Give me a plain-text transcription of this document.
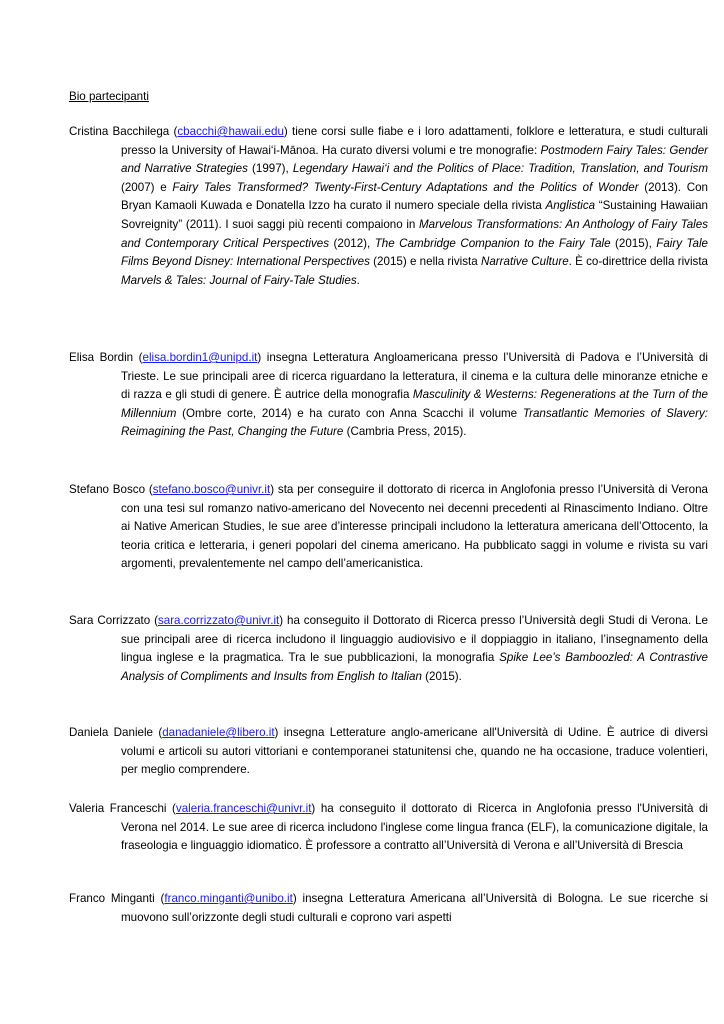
Bio partecipanti
Cristina Bacchilega (cbacchi@hawaii.edu) tiene corsi sulle fiabe e i loro adattamenti, folklore e letteratura, e studi culturali presso la University of Hawai‘i-Mānoa. Ha curato diversi volumi e tre monografie: Postmodern Fairy Tales: Gender and Narrative Strategies (1997), Legendary Hawai‘i and the Politics of Place: Tradition, Translation, and Tourism (2007) e Fairy Tales Transformed? Twenty-First-Century Adaptations and the Politics of Wonder (2013). Con Bryan Kamaoli Kuwada e Donatella Izzo ha curato il numero speciale della rivista Anglistica “Sustaining Hawaiian Sovreignity” (2011). I suoi saggi più recenti compaiono in Marvelous Transformations: An Anthology of Fairy Tales and Contemporary Critical Perspectives (2012), The Cambridge Companion to the Fairy Tale (2015), Fairy Tale Films Beyond Disney: International Perspectives (2015) e nella rivista Narrative Culture. È co-direttrice della rivista Marvels & Tales: Journal of Fairy-Tale Studies.
Elisa Bordin (elisa.bordin1@unipd.it) insegna Letteratura Angloamericana presso l’Università di Padova e l’Università di Trieste. Le sue principali aree di ricerca riguardano la letteratura, il cinema e la cultura delle minoranze etniche e di razza e gli studi di genere. È autrice della monografia Masculinity & Westerns: Regenerations at the Turn of the Millennium (Ombre corte, 2014) e ha curato con Anna Scacchi il volume Transatlantic Memories of Slavery: Reimagining the Past, Changing the Future (Cambria Press, 2015).
Stefano Bosco (stefano.bosco@univr.it) sta per conseguire il dottorato di ricerca in Anglofonia presso l’Università di Verona con una tesi sul romanzo nativo-americano del Novecento nei decenni precedenti al Rinascimento Indiano. Oltre ai Native American Studies, le sue aree d’interesse principali includono la letteratura americana dell’Ottocento, la teoria critica e letteraria, i generi popolari del cinema americano. Ha pubblicato saggi in volume e rivista su vari argomenti, prevalentemente nel campo dell’americanistica.
Sara Corrizzato (sara.corrizzato@univr.it) ha conseguito il Dottorato di Ricerca presso l’Università degli Studi di Verona. Le sue principali aree di ricerca includono il linguaggio audiovisivo e il doppiaggio in italiano, l’insegnamento della lingua inglese e la pragmatica. Tra le sue pubblicazioni, la monografia Spike Lee’s Bamboozled: A Contrastive Analysis of Compliments and Insults from English to Italian (2015).
Daniela Daniele (danadaniele@libero.it) insegna Letterature anglo-americane all'Università di Udine. È autrice di diversi volumi e articoli su autori vittoriani e contemporanei statunitensi che, quando ne ha occasione, traduce volentieri, per meglio comprendere.
Valeria Franceschi (valeria.franceschi@univr.it) ha conseguito il dottorato di Ricerca in Anglofonia presso l'Università di Verona nel 2014. Le sue aree di ricerca includono l'inglese come lingua franca (ELF), la comunicazione digitale, la fraseologia e linguaggio idiomatico. È professore a contratto all’Università di Verona e all’Università di Brescia
Franco Minganti (franco.minganti@unibo.it) insegna Letteratura Americana all’Università di Bologna. Le sue ricerche si muovono sull’orizzonte degli studi culturali e coprono vari aspetti
